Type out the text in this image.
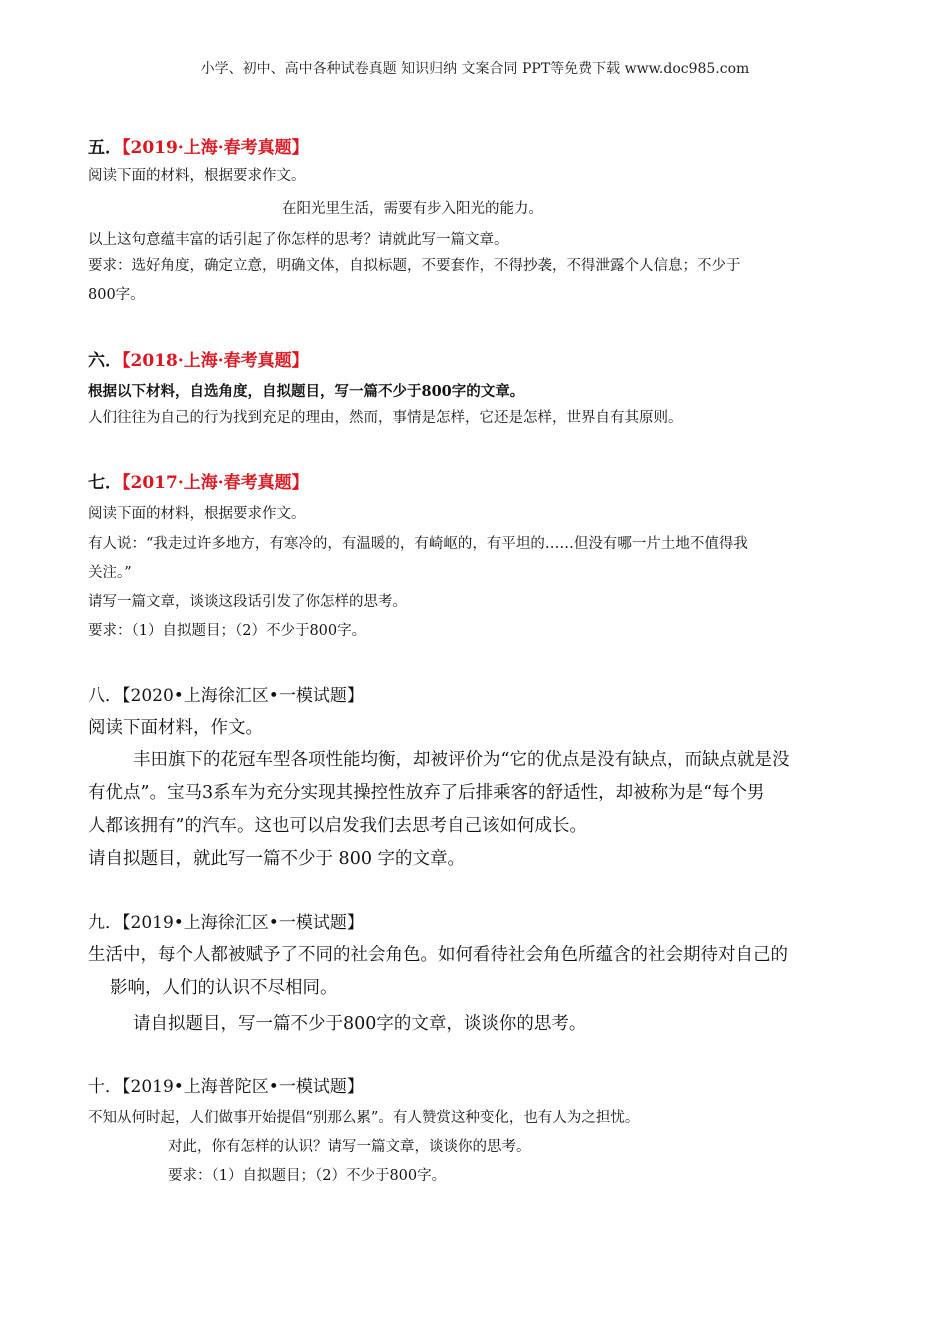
小学、初中、高中各种试卷真题 知识归纳 文案合同 PPT等免费下载 www.doc985.com
五．【2019·上海·春考真题】
阅读下面的材料，根据要求作文。
在阳光里生活，需要有步入阳光的能力。
以上这句意蕴丰富的话引起了你怎样的思考？请就此写一篇文章。
要求：选好角度，确定立意，明确文体，自拟标题，不要套作，不得抄袭，不得泄露个人信息；不少于
800字。
六．【2018·上海·春考真题】
根据以下材料，自选角度，自拟题目，写一篇不少于800字的文章。
人们往往为自己的行为找到充足的理由，然而，事情是怎样，它还是怎样，世界自有其原则。
七．【2017·上海·春考真题】
阅读下面的材料，根据要求作文。
有人说：“我走过许多地方，有寒冷的，有温暖的，有崎岖的，有平坦的……但没有哪一片土地不值得我
关注。”
请写一篇文章，谈谈这段话引发了你怎样的思考。
要求：（1）自拟题目；（2）不少于800字。
八．【2020•上海徐汇区•一模试题】
阅读下面材料，作文。
丰田旗下的花冠车型各项性能均衡，却被评价为“它的优点是没有缺点，而缺点就是没
有优点”。宝马3系车为充分实现其操控性放弃了后排乘客的舒适性，却被称为是“每个男
人都该拥有”的汽车。这也可以启发我们去思考自己该如何成长。
请自拟题目，就此写一篇不少于 800 字的文章。
九．【2019•上海徐汇区•一模试题】
生活中，每个人都被赋予了不同的社会角色。如何看待社会角色所蕴含的社会期待对自己的
影响，人们的认识不尽相同。
请自拟题目，写一篇不少于800字的文章，谈谈你的思考。
十．【2019•上海普陀区•一模试题】
不知从何时起，人们做事开始提倡“别那么累”。有人赞赏这种变化，也有人为之担忧。
对此，你有怎样的认识？请写一篇文章，谈谈你的思考。
要求：（1）自拟题目；（2）不少于800字。
